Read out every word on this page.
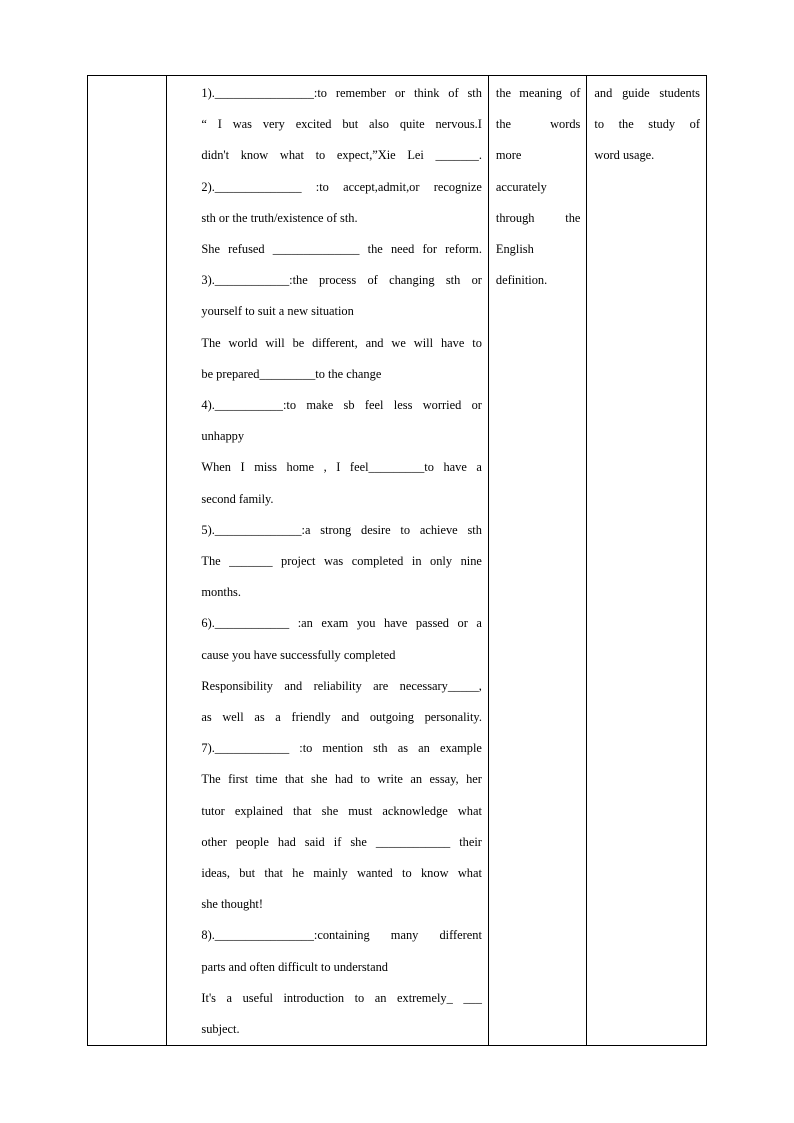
1).________________:to remember or think of sth
“ I was very excited but also quite nervous.I
didn't know what to expect,”Xie Lei _______.
2).______________ :to accept,admit,or recognize
sth or the truth/existence of sth.
She refused ______________ the need for reform.
3).____________:the process of changing sth or
yourself to suit a new situation
The world will be different, and we will have to
be prepared_________to the change
4).___________:to make sb feel less worried or
unhappy
When I miss home , I feel_________to have a
second family.
5).______________:a strong desire to achieve sth
The _______ project was completed in only nine
months.
6).____________ :an exam you have passed or a
cause you have successfully completed
Responsibility and reliability are necessary_____,
as well as a friendly and outgoing personality.
7).____________ :to mention sth as an example
The first time that she had to write an essay, her
tutor explained that she must acknowledge what
other people had said if she ____________ their
ideas, but that he mainly wanted to know what
she thought!
8).________________:containing many different
parts and often difficult to understand
It's a useful introduction to an extremely_ ___
subject.

the meaning of
the words
more
accurately
through the
English
definition.

and guide students
to the study of
word usage.
